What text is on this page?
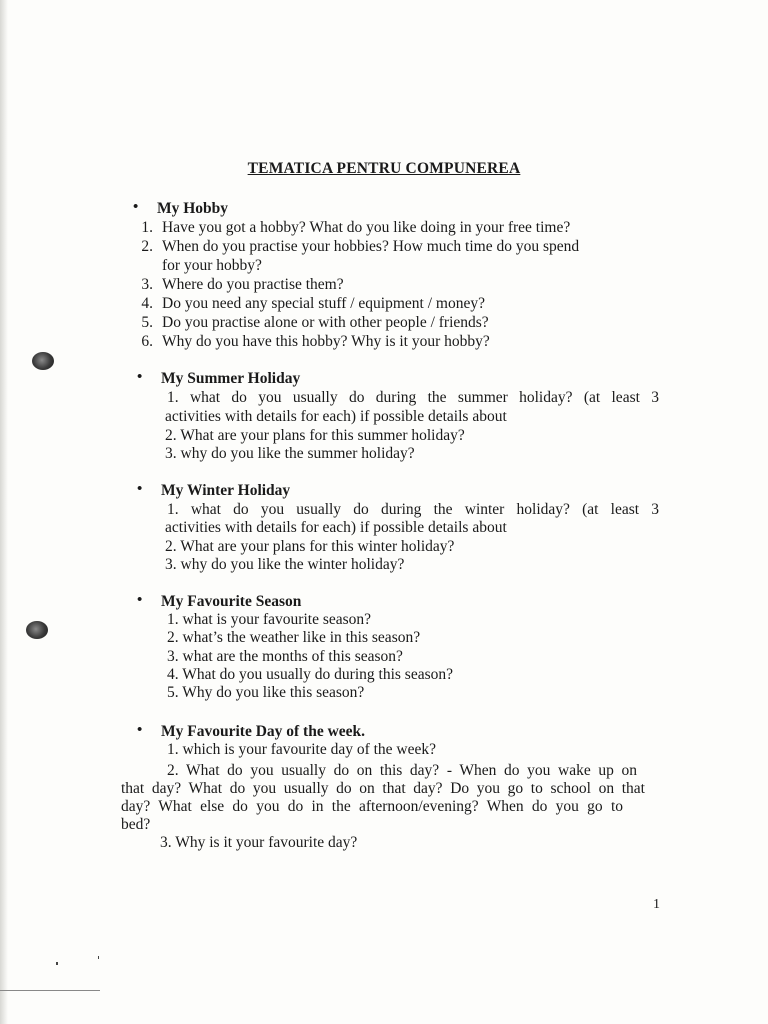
TEMATICA PENTRU COMPUNEREA
• My Hobby
1. Have you got a hobby? What do you like doing in your free time?
2. When do you practise your hobbies? How much time do you spend
for your hobby?
3. Where do you practise them?
4. Do you need any special stuff / equipment / money?
5. Do you practise alone or with other people / friends?
6. Why do you have this hobby? Why is it your hobby?
• My Summer Holiday
1. what do you usually do during the summer holiday? (at least 3
activities with details for each) if possible details about
2. What are your plans for this summer holiday?
3. why do you like the summer holiday?
• My Winter Holiday
1. what do you usually do during the winter holiday? (at least 3
activities with details for each) if possible details about
2. What are your plans for this winter holiday?
3. why do you like the winter holiday?
• My Favourite Season
1. what is your favourite season?
2. what’s the weather like in this season?
3. what are the months of this season?
4. What do you usually do during this season?
5. Why do you like this season?
• My Favourite Day of the week.
1. which is your favourite day of the week?
2. What do you usually do on this day? - When do you wake up on
that day? What do you usually do on that day? Do you go to school on that
day? What else do you do in the afternoon/evening? When do you go to
bed?
3. Why is it your favourite day?
1
